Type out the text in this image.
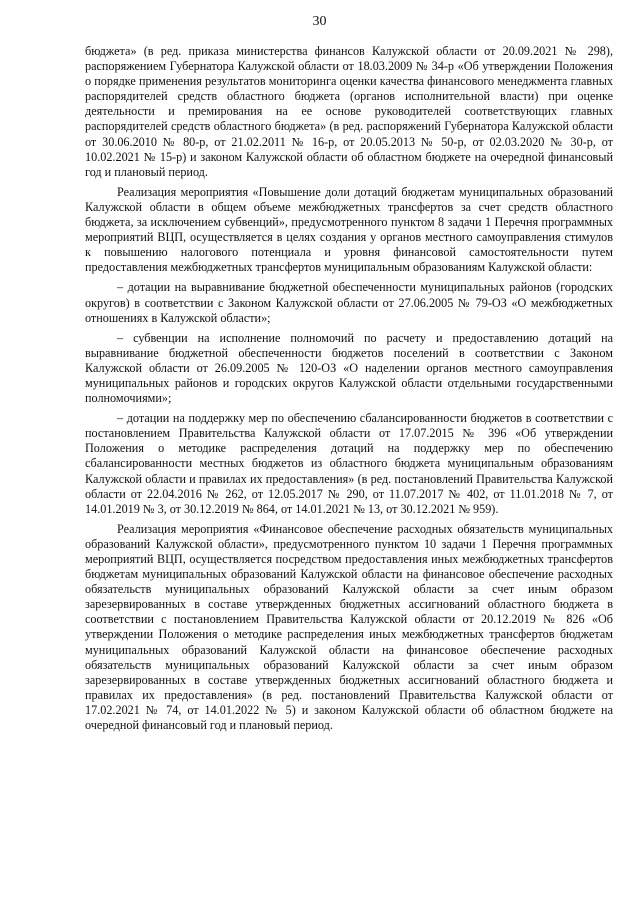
30

бюджета» (в ред. приказа министерства финансов Калужской области от 20.09.2021 № 298), распоряжением Губернатора Калужской области от 18.03.2009 № 34-р «Об утверждении Положения о порядке применения результатов мониторинга оценки качества финансового менеджмента главных распорядителей средств областного бюджета (органов исполнительной власти) при оценке деятельности и премирования на ее основе руководителей соответствующих главных распорядителей средств областного бюджета» (в ред. распоряжений Губернатора Калужской области от 30.06.2010 № 80-р, от 21.02.2011 № 16-р, от 20.05.2013 № 50-р, от 02.03.2020 № 30-р, от 10.02.2021 № 15-р) и законом Калужской области об областном бюджете на очередной финансовый год и плановый период.

Реализация мероприятия «Повышение доли дотаций бюджетам муниципальных образований Калужской области в общем объеме межбюджетных трансфертов за счет средств областного бюджета, за исключением субвенций», предусмотренного пунктом 8 задачи 1 Перечня программных мероприятий ВЦП, осуществляется в целях создания у органов местного самоуправления стимулов к повышению налогового потенциала и уровня финансовой самостоятельности путем предоставления межбюджетных трансфертов муниципальным образованиям Калужской области:

– дотации на выравнивание бюджетной обеспеченности муниципальных районов (городских округов) в соответствии с Законом Калужской области от 27.06.2005 № 79-ОЗ «О межбюджетных отношениях в Калужской области»;

– субвенции на исполнение полномочий по расчету и предоставлению дотаций на выравнивание бюджетной обеспеченности бюджетов поселений в соответствии с Законом Калужской области от 26.09.2005 № 120-ОЗ «О наделении органов местного самоуправления муниципальных районов и городских округов Калужской области отдельными государственными полномочиями»;

– дотации на поддержку мер по обеспечению сбалансированности бюджетов в соответствии с постановлением Правительства Калужской области от 17.07.2015 № 396 «Об утверждении Положения о методике распределения дотаций на поддержку мер по обеспечению сбалансированности местных бюджетов из областного бюджета муниципальным образованиям Калужской области и правилах их предоставления» (в ред. постановлений Правительства Калужской области от 22.04.2016 № 262, от 12.05.2017 № 290, от 11.07.2017 № 402, от 11.01.2018 № 7, от 14.01.2019 № 3, от 30.12.2019 № 864, от 14.01.2021 № 13, от 30.12.2021 № 959).

Реализация мероприятия «Финансовое обеспечение расходных обязательств муниципальных образований Калужской области», предусмотренного пунктом 10 задачи 1 Перечня программных мероприятий ВЦП, осуществляется посредством предоставления иных межбюджетных трансфертов бюджетам муниципальных образований Калужской области на финансовое обеспечение расходных обязательств муниципальных образований Калужской области за счет иным образом зарезервированных в составе утвержденных бюджетных ассигнований областного бюджета в соответствии с постановлением Правительства Калужской области от 20.12.2019 № 826 «Об утверждении Положения о методике распределения иных межбюджетных трансфертов бюджетам муниципальных образований Калужской области на финансовое обеспечение расходных обязательств муниципальных образований Калужской области за счет иным образом зарезервированных в составе утвержденных бюджетных ассигнований областного бюджета и правилах их предоставления» (в ред. постановлений Правительства Калужской области от 17.02.2021 № 74, от 14.01.2022 № 5) и законом Калужской области об областном бюджете на очередной финансовый год и плановый период.
